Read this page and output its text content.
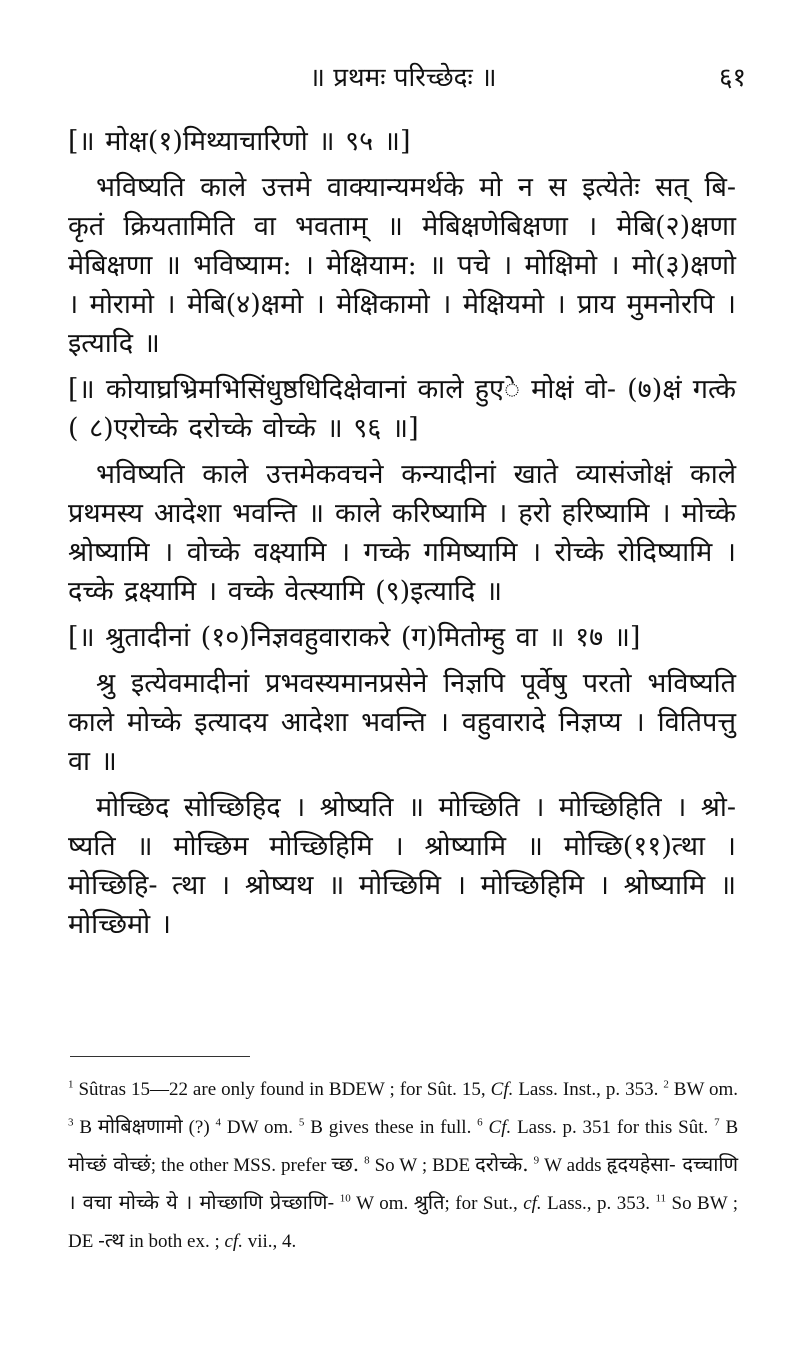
॥ प्रथमः परिच्छेदः ॥	६१

[॥ मोक्ष(१)मिथ्याचारिणो ॥ ९५ ॥]

भविष्यति काले उत्तमे वाक्यान्यमर्थके मो न स इत्येतेः सत् बि- कृतं क्रियतामिति वा भवताम् ॥ मेबिक्षणेबिक्षणा । मेबि(२)क्षणा मेबिक्षणा ॥ भविष्याम: । मेक्षियाम: ॥ पचे । मोक्षिमो । मो(३)क्षणो । मोरामो । मेबि(४)क्षमो । मेक्षिकामो । मेक्षियमो । प्राय मुमनोरपि । इत्यादि ॥

[॥ कोयाघ्रभ्रिमभिसिंधुष्ठधिदिक्षेवानां काले हुएे मोक्षं वो- (७)क्षं गत्के ( ८)एरोच्के दरोच्के वोच्के ॥ ९६ ॥]

भविष्यति काले उत्तमेकवचने कन्यादीनां खाते व्यासंजोक्षं काले प्रथमस्य आदेशा भवन्ति ॥ काले करिष्यामि । हरो हरिष्यामि । मोच्के श्रोष्यामि । वोच्के वक्ष्यामि । गच्के गमिष्यामि । रोच्के रोदिष्यामि । दच्के द्रक्ष्यामि । वच्के वेत्स्यामि (९)इत्यादि ॥

[॥ श्रुतादीनां (१०)निज्ञवहुवाराकरे (ग)मितोम्हु वा ॥ १७ ॥]

श्रु इत्येवमादीनां प्रभवस्यमानप्रसेने निज्ञपि पूर्वेषु परतो भविष्यति काले मोच्के इत्यादय आदेशा भवन्ति । वहुवारादे निज्ञप्य । वितिपत्तु वा ॥

मोच्छिद सोच्छिहिद । श्रोष्यति ॥ मोच्छिति । मोच्छिहिति । श्रो- ष्यति ॥ मोच्छिम मोच्छिहिमि । श्रोष्यामि ॥ मोच्छि(११)त्था । मोच्छिहि- त्था । श्रोष्यथ ॥ मोच्छिमि । मोच्छिहिमि । श्रोष्यामि ॥ मोच्छिमो ।

$^1$ Sûtras 15—22 are only found in BDEW ; for Sût. 15, Cf. Lass. Inst., p. 353. $^2$ BW om. $^3$ B मोबिक्षणामो (?) $^4$ DW om. $^5$ B gives these in full. $^6$ Cf. Lass. p. 351 for this Sût. $^7$ B मोच्छं वोच्छं; the other MSS. prefer च्छ. $^8$ So W ; BDE दरोच्के. $^9$ W adds हृदयहेसा- दच्चाणि । वचा मोच्के ये । मोच्छाणि प्रेच्छाणि- $^{10}$ W om. श्रुति; for Sut., cf. Lass., p. 353. $^{11}$ So BW ; DE -त्थ in both ex. ; cf. vii., 4.
